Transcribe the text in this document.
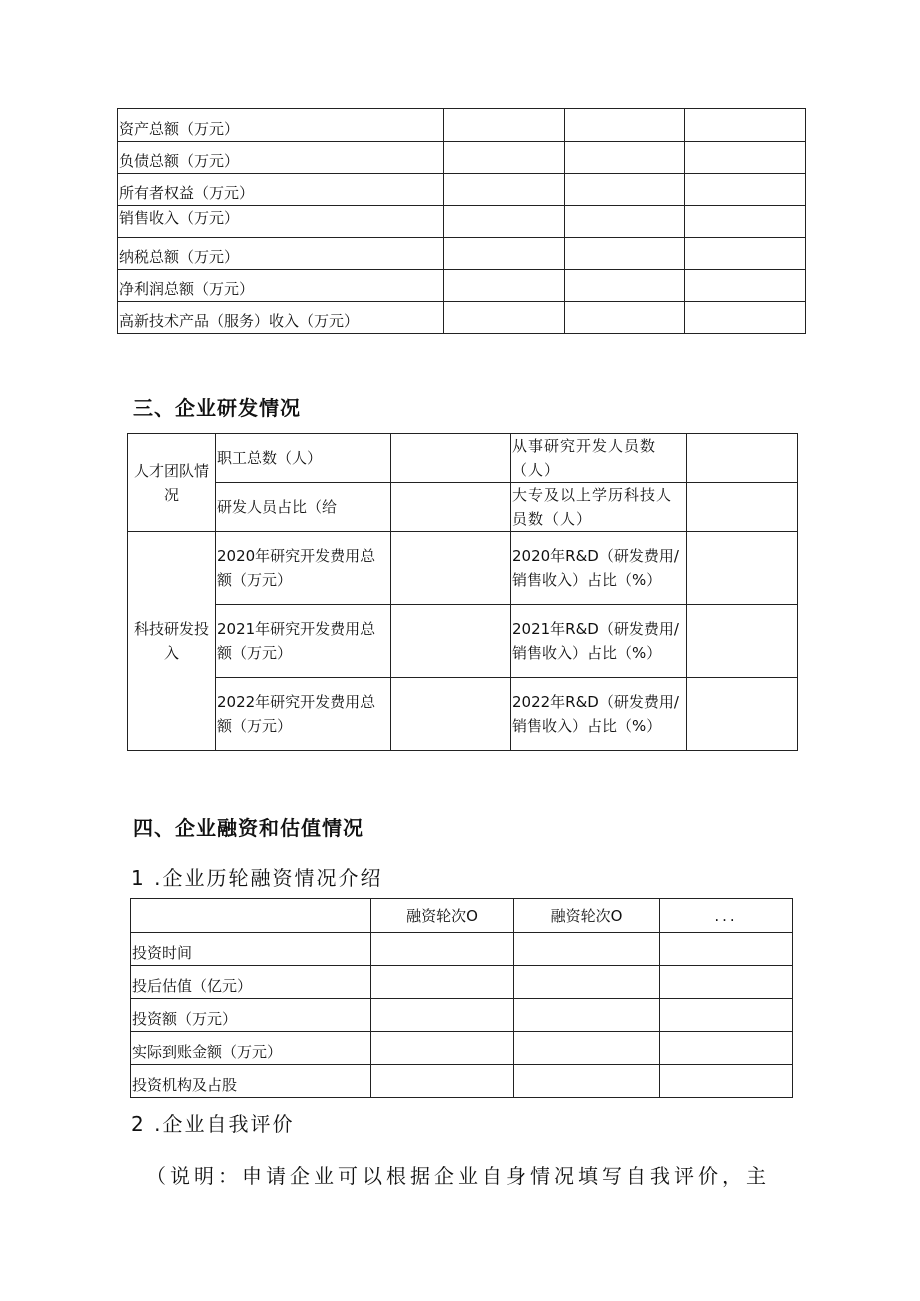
资产总额（万元）			
负债总额（万元）			
所有者权益（万元）			
销售收入（万元）			
纳税总额（万元）			
净利润总额（万元）			
高新技术产品（服务）收入（万元）			
三、企业研发情况
人才团队情况	职工总数（人）		从事研究开发人员数（人）	
	研发人员占比（给		大专及以上学历科技人员数（人）	
科技研发投入	2020年研究开发费用总额（万元）		2020年R&D（研发费用/销售收入）占比（%）	
	2021年研究开发费用总额（万元）		2021年R&D（研发费用/销售收入）占比（%）	
	2022年研究开发费用总额（万元）		2022年R&D（研发费用/销售收入）占比（%）	
四、企业融资和估值情况
1 .企业历轮融资情况介绍
	融资轮次O	融资轮次O	...
投资时间			
投后估值（亿元）			
投资额（万元）			
实际到账金额（万元）			
投资机构及占股			
2 .企业自我评价
（说明：申请企业可以根据企业自身情况填写自我评价，主
